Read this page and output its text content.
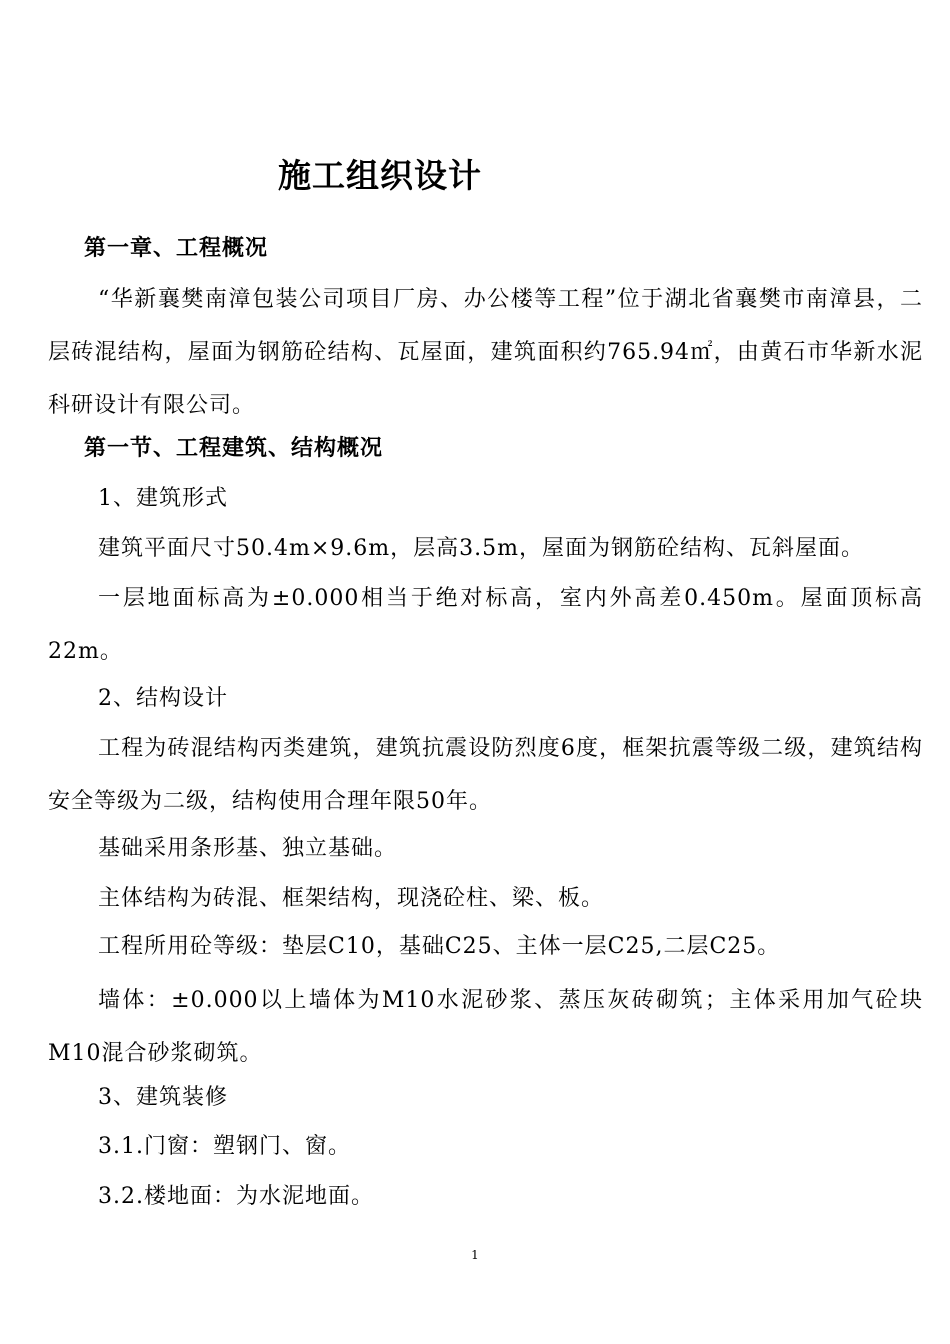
施工组织设计
第一章、工程概况
“华新襄樊南漳包装公司项目厂房、办公楼等工程”位于湖北省襄樊市南漳县，二层砖混结构，屋面为钢筋砼结构、瓦屋面，建筑面积约765.94㎡，由黄石市华新水泥科研设计有限公司。
第一节、工程建筑、结构概况
1、建筑形式
建筑平面尺寸50.4m×9.6m，层高3.5m，屋面为钢筋砼结构、瓦斜屋面。
一层地面标高为±0.000相当于绝对标高，室内外高差0.450m。屋面顶标高22m。
2、结构设计
工程为砖混结构丙类建筑，建筑抗震设防烈度6度，框架抗震等级二级，建筑结构安全等级为二级，结构使用合理年限50年。
基础采用条形基、独立基础。
主体结构为砖混、框架结构，现浇砼柱、梁、板。
工程所用砼等级：垫层C10，基础C25、主体一层C25,二层C25。
墙体：±0.000以上墙体为M10水泥砂浆、蒸压灰砖砌筑；主体采用加气砼块M10混合砂浆砌筑。
3、建筑装修
3.1.门窗：塑钢门、窗。
3.2.楼地面：为水泥地面。
1
